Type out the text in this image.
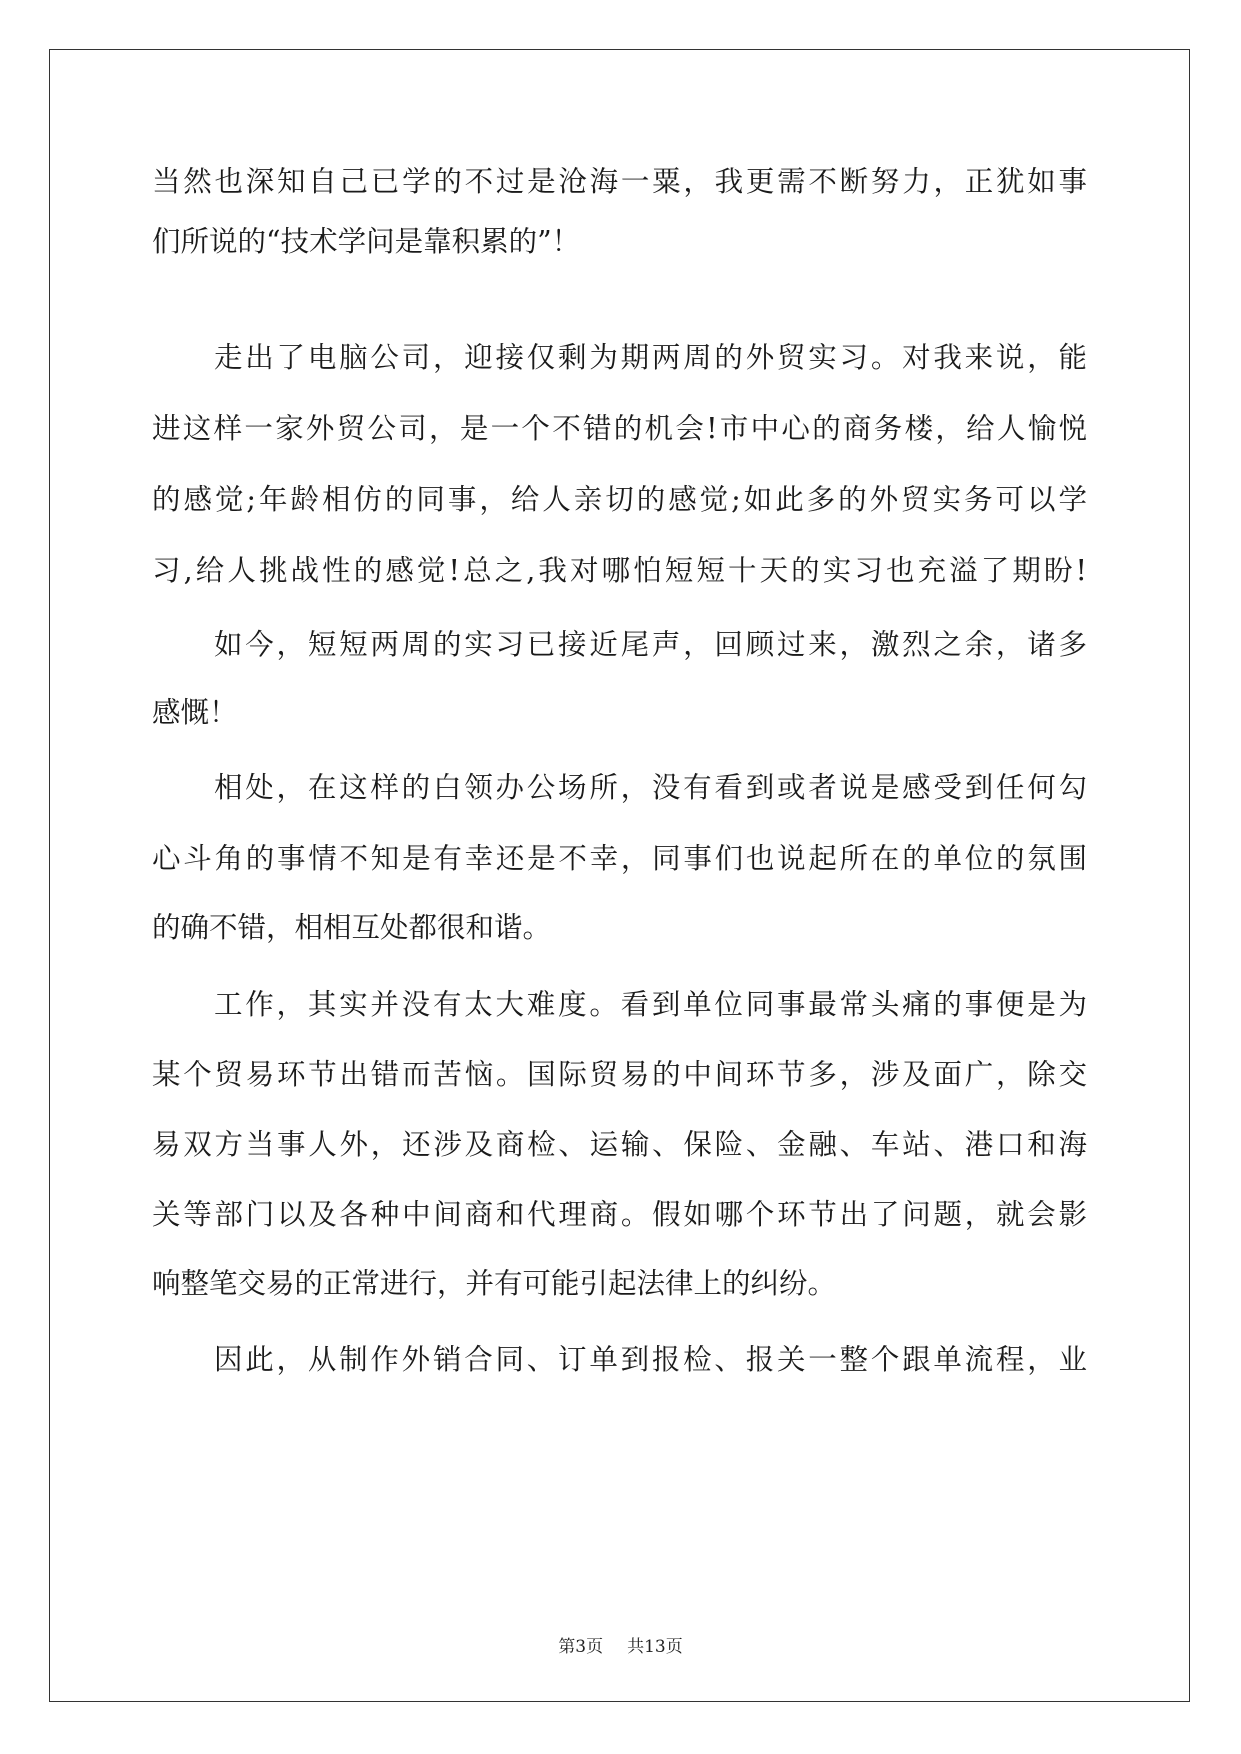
当然也深知自己已学的不过是沧海一粟，我更需不断努力，正犹如事
们所说的“技术学问是靠积累的”！
走出了电脑公司，迎接仅剩为期两周的外贸实习。对我来说，能
进这样一家外贸公司，是一个不错的机会!市中心的商务楼，给人愉悦
的感觉;年龄相仿的同事，给人亲切的感觉;如此多的外贸实务可以学
习,给人挑战性的感觉!总之,我对哪怕短短十天的实习也充溢了期盼!
如今，短短两周的实习已接近尾声，回顾过来，激烈之余，诸多
感慨！
相处，在这样的白领办公场所，没有看到或者说是感受到任何勾
心斗角的事情不知是有幸还是不幸，同事们也说起所在的单位的氛围
的确不错，相相互处都很和谐。
工作，其实并没有太大难度。看到单位同事最常头痛的事便是为
某个贸易环节出错而苦恼。国际贸易的中间环节多，涉及面广，除交
易双方当事人外，还涉及商检、运输、保险、金融、车站、港口和海
关等部门以及各种中间商和代理商。假如哪个环节出了问题，就会影
响整笔交易的正常进行，并有可能引起法律上的纠纷。
因此，从制作外销合同、订单到报检、报关一整个跟单流程，业
第3页 共13页
